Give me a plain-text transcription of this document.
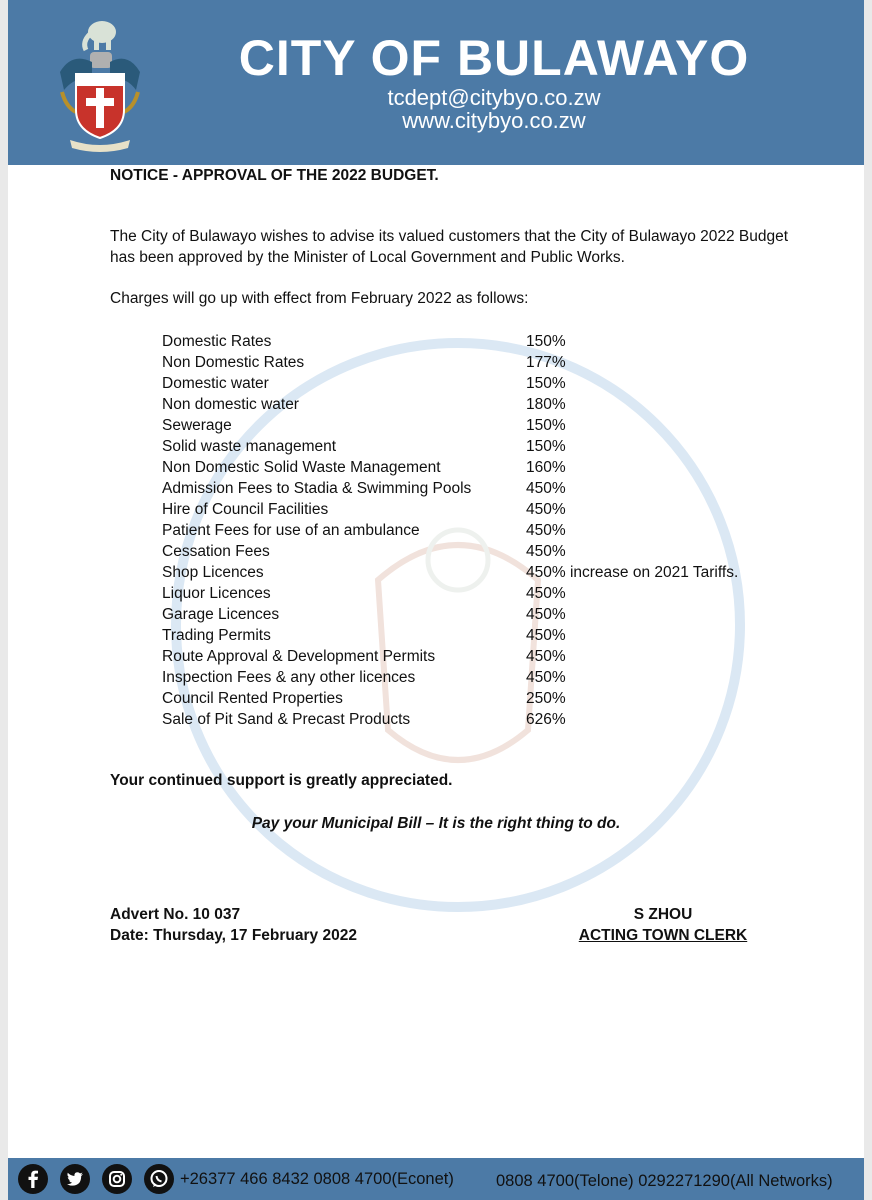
CITY OF BULAWAYO
tcdept@citybyo.co.zw
www.citybyo.co.zw
NOTICE - APPROVAL OF THE 2022 BUDGET.
The City of Bulawayo wishes to advise its valued customers that the City of Bulawayo 2022 Budget has been approved by the Minister of Local Government and Public Works.
Charges will go up with effect from February 2022 as follows:
Domestic Rates	150%
Non Domestic Rates	177%
Domestic water	150%
Non domestic water	180%
Sewerage	150%
Solid waste management	150%
Non Domestic Solid Waste Management	160%
Admission Fees to Stadia & Swimming Pools	450%
Hire of Council Facilities	450%
Patient Fees for use of an ambulance	450%
Cessation Fees	450%
Shop Licences	450% increase on 2021 Tariffs.
Liquor Licences	450%
Garage Licences	450%
Trading Permits	450%
Route Approval & Development Permits	450%
Inspection Fees & any other licences	450%
Council Rented Properties	250%
Sale of Pit Sand & Precast Products	626%
Your continued support is greatly appreciated.
Pay your Municipal Bill – It is the right thing to do.
Advert No. 10 037
Date: Thursday, 17 February 2022
S ZHOU
ACTING TOWN CLERK
+26377 466 8432 0808 4700(Econet)	0808 4700(Telone) 0292271290(All Networks)
